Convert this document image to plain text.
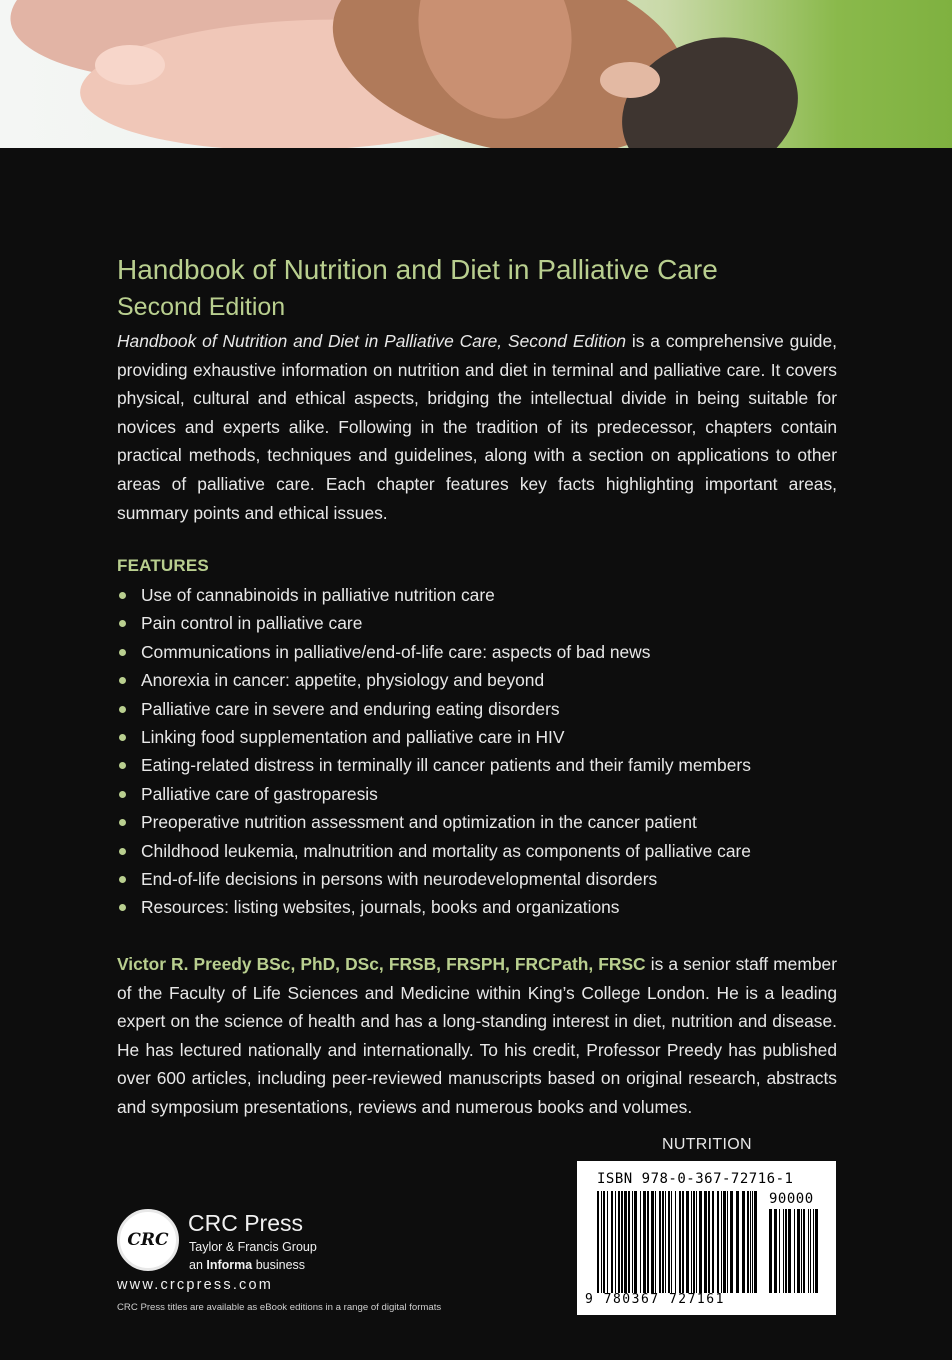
Handbook of Nutrition and Diet in Palliative Care
Second Edition
Handbook of Nutrition and Diet in Palliative Care, Second Edition is a comprehensive guide, providing exhaustive information on nutrition and diet in terminal and palliative care. It covers physical, cultural and ethical aspects, bridging the intellectual divide in being suitable for novices and experts alike. Following in the tradition of its predecessor, chapters contain practical methods, techniques and guidelines, along with a section on applications to other areas of palliative care. Each chapter features key facts highlighting important areas, summary points and ethical issues.
FEATURES
Use of cannabinoids in palliative nutrition care
Pain control in palliative care
Communications in palliative/end-of-life care: aspects of bad news
Anorexia in cancer: appetite, physiology and beyond
Palliative care in severe and enduring eating disorders
Linking food supplementation and palliative care in HIV
Eating-related distress in terminally ill cancer patients and their family members
Palliative care of gastroparesis
Preoperative nutrition assessment and optimization in the cancer patient
Childhood leukemia, malnutrition and mortality as components of palliative care
End-of-life decisions in persons with neurodevelopmental disorders
Resources: listing websites, journals, books and organizations
Victor R. Preedy BSc, PhD, DSc, FRSB, FRSPH, FRCPath, FRSC is a senior staff member of the Faculty of Life Sciences and Medicine within King’s College London. He is a leading expert on the science of health and has a long-standing interest in diet, nutrition and disease. He has lectured nationally and internationally. To his credit, Professor Preedy has published over 600 articles, including peer-reviewed manuscripts based on original research, abstracts and symposium presentations, reviews and numerous books and volumes.
NUTRITION
ISBN 978-0-367-72716-1
90000
9 780367 727161
CRC
CRC Press
Taylor & Francis Group
an Informa business
www.crcpress.com
CRC Press titles are available as eBook editions in a range of digital formats
